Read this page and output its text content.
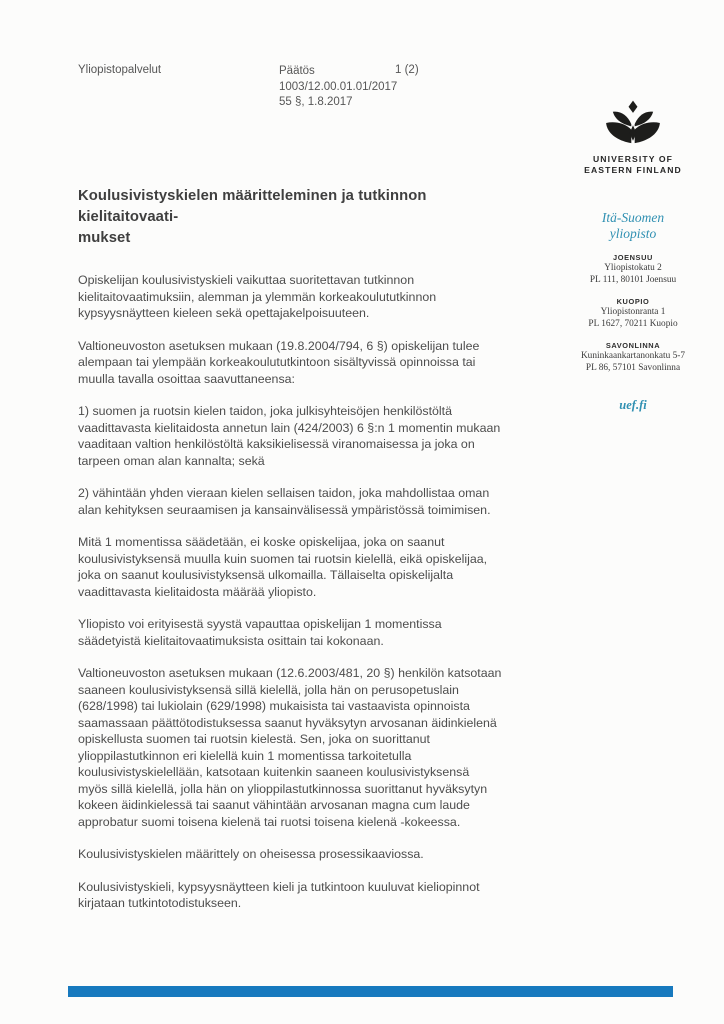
Yliopistopalvelut	Päätös
1003/12.00.01.01/2017
55 §, 1.8.2017
1 (2)
UNIVERSITY OF
EASTERN FINLAND
Itä-Suomen
yliopisto
JOENSUU
Yliopistokatu 2
PL 111, 80101 Joensuu
KUOPIO
Yliopistonranta 1
PL 1627, 70211 Kuopio
SAVONLINNA
Kuninkaankartanonkatu 5-7
PL 86, 57101 Savonlinna
uef.fi
Koulusivistyskielen määritteleminen ja tutkinnon kielitaitovaati-
mukset

Opiskelijan koulusivistyskieli vaikuttaa suoritettavan tutkinnon kielitaitovaatimuksiin, alemman ja ylemmän korkeakoulututkinnon kypsyysnäytteen kieleen sekä opettajakelpoisuuteen.

Valtioneuvoston asetuksen mukaan (19.8.2004/794, 6 §) opiskelijan tulee alempaan tai ylempään korkeakoulututkintoon sisältyvissä opinnoissa tai muulla tavalla osoittaa saavuttaneensa:

1) suomen ja ruotsin kielen taidon, joka julkisyhteisöjen henkilöstöltä vaadittavasta kielitaidosta annetun lain (424/2003) 6 §:n 1 momentin mukaan vaaditaan valtion henkilöstöltä kaksikielisessä viranomaisessa ja joka on tarpeen oman alan kannalta; sekä

2) vähintään yhden vieraan kielen sellaisen taidon, joka mahdollistaa oman alan kehityksen seuraamisen ja kansainvälisessä ympäristössä toimimisen.

Mitä 1 momentissa säädetään, ei koske opiskelijaa, joka on saanut koulusivistyksensä muulla kuin suomen tai ruotsin kielellä, eikä opiskelijaa, joka on saanut koulusivistyksensä ulkomailla. Tällaiselta opiskelijalta vaadittavasta kielitaidosta määrää yliopisto.

Yliopisto voi erityisestä syystä vapauttaa opiskelijan 1 momentissa säädetyistä kielitaitovaatimuksista osittain tai kokonaan.

Valtioneuvoston asetuksen mukaan (12.6.2003/481, 20 §) henkilön katsotaan saaneen koulusivistyksensä sillä kielellä, jolla hän on perusopetuslain (628/1998) tai lukiolain (629/1998) mukaisista tai vastaavista opinnoista saamassaan päättötodistuksessa saanut hyväksytyn arvosanan äidinkielenä opiskellusta suomen tai ruotsin kielestä. Sen, joka on suorittanut ylioppilastutkinnon eri kielellä kuin 1 momentissa tarkoitetulla koulusivistyskielellään, katsotaan kuitenkin saaneen koulusivistyksensä myös sillä kielellä, jolla hän on ylioppilastutkinnossa suorittanut hyväksytyn kokeen äidinkielessä tai saanut vähintään arvosanan magna cum laude approbatur suomi toisena kielenä tai ruotsi toisena kielenä -kokeessa.

Koulusivistyskielen määrittely on oheisessa prosessikaaviossa.

Koulusivistyskieli, kypsyysnäytteen kieli ja tutkintoon kuuluvat kieliopinnot kirjataan tutkintotodistukseen.
